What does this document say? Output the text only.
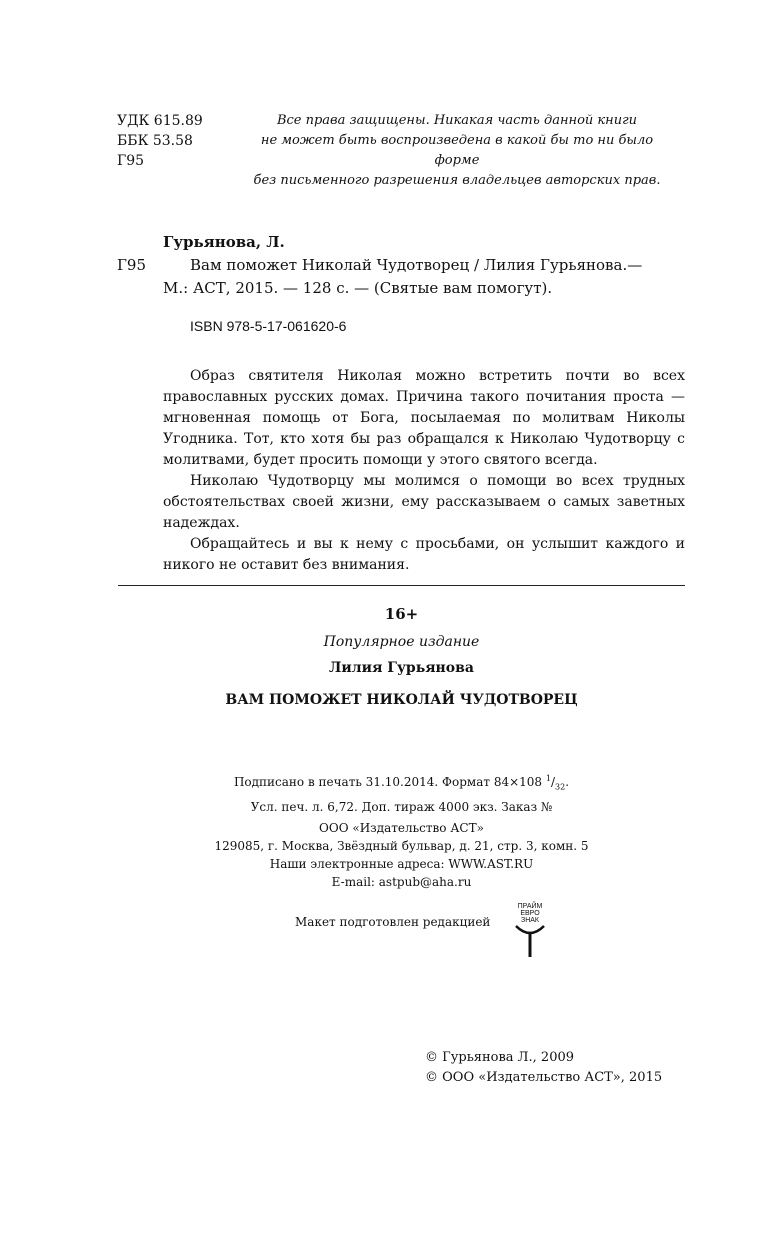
УДК 615.89
ББК 53.58
Г95
Все права защищены. Никакая часть данной книги
не может быть воспроизведена в какой бы то ни было форме
без письменного разрешения владельцев авторских прав.
Гурьянова, Л.
Г95	Вам поможет Николай Чудотворец / Лилия Гурьянова.—
М.: АСТ, 2015. — 128 с. — (Святые вам помогут).
ISBN 978-5-17-061620-6

Образ святителя Николая можно встретить почти во всех православных русских домах. Причина такого почитания проста — мгновенная помощь от Бога, посылаемая по молитвам Николы Угодника. Тот, кто хотя бы раз обращался к Николаю Чудотворцу с молитвами, будет просить помощи у этого святого всегда.

Николаю Чудотворцу мы молимся о помощи во всех трудных обстоятельствах своей жизни, ему рассказываем о самых заветных надеждах.

Обращайтесь и вы к нему с просьбами, он услышит каждого и никого не оставит без внимания.

16+
Популярное издание
Лилия Гурьянова
ВАМ ПОМОЖЕТ НИКОЛАЙ ЧУДОТВОРЕЦ
Подписано в печать 31.10.2014. Формат 84×108 $^1/_{32}$.
Усл. печ. л. 6,72. Доп. тираж 4000 экз. Заказ №
ООО «Издательство АСТ»
129085, г. Москва, Звёздный бульвар, д. 21, стр. 3, комн. 5
Наши электронные адреса: WWW.AST.RU
E-mail: astpub@aha.ru
Макет подготовлен редакцией
ПРАЙМ
ЕВРО
ЗНАК
© Гурьянова Л., 2009
© ООО «Издательство АСТ», 2015
